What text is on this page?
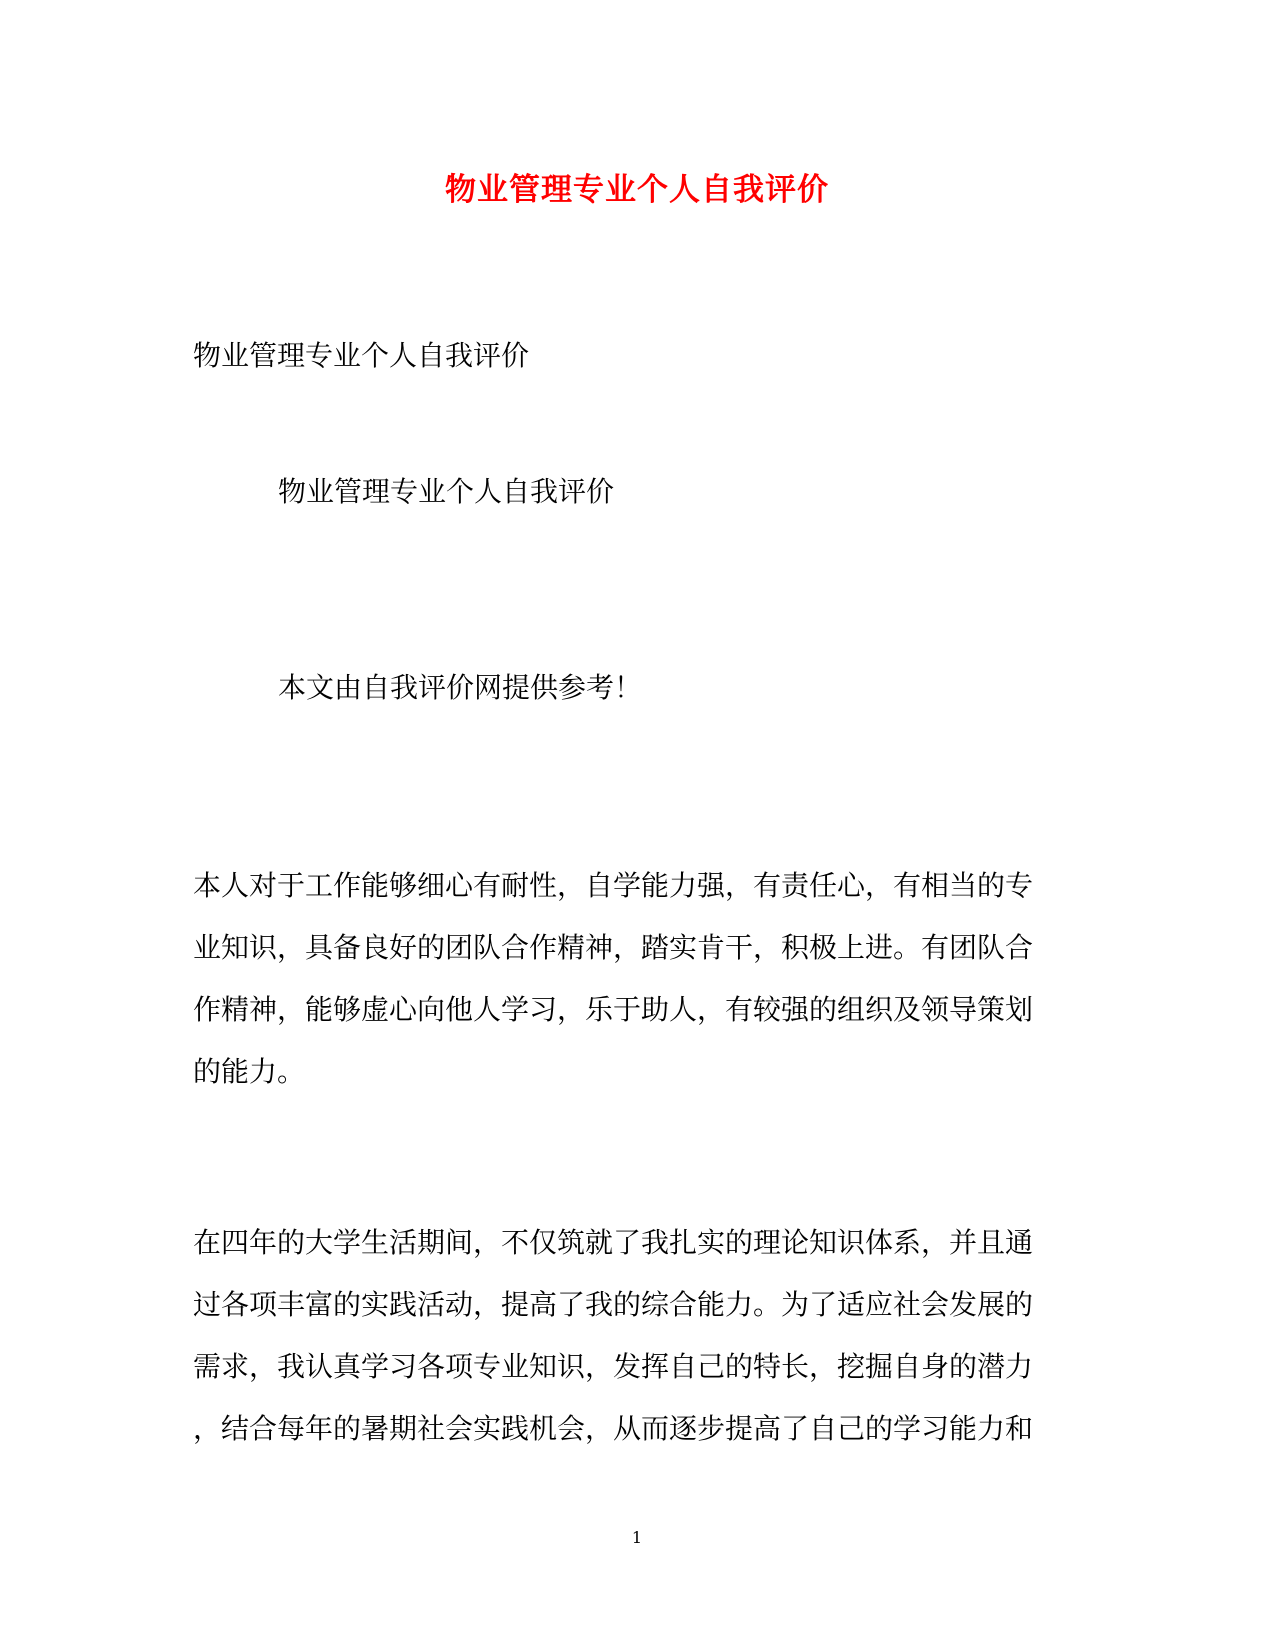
物业管理专业个人自我评价

物业管理专业个人自我评价

物业管理专业个人自我评价

本文由自我评价网提供参考！

本人对于工作能够细心有耐性，自学能力强，有责任心，有相当的专
业知识，具备良好的团队合作精神，踏实肯干，积极上进。有团队合
作精神，能够虚心向他人学习，乐于助人，有较强的组织及领导策划
的能力。
在四年的大学生活期间，不仅筑就了我扎实的理论知识体系，并且通
过各项丰富的实践活动，提高了我的综合能力。为了适应社会发展的
需求，我认真学习各项专业知识，发挥自己的特长，挖掘自身的潜力
，结合每年的暑期社会实践机会，从而逐步提高了自己的学习能力和
1
